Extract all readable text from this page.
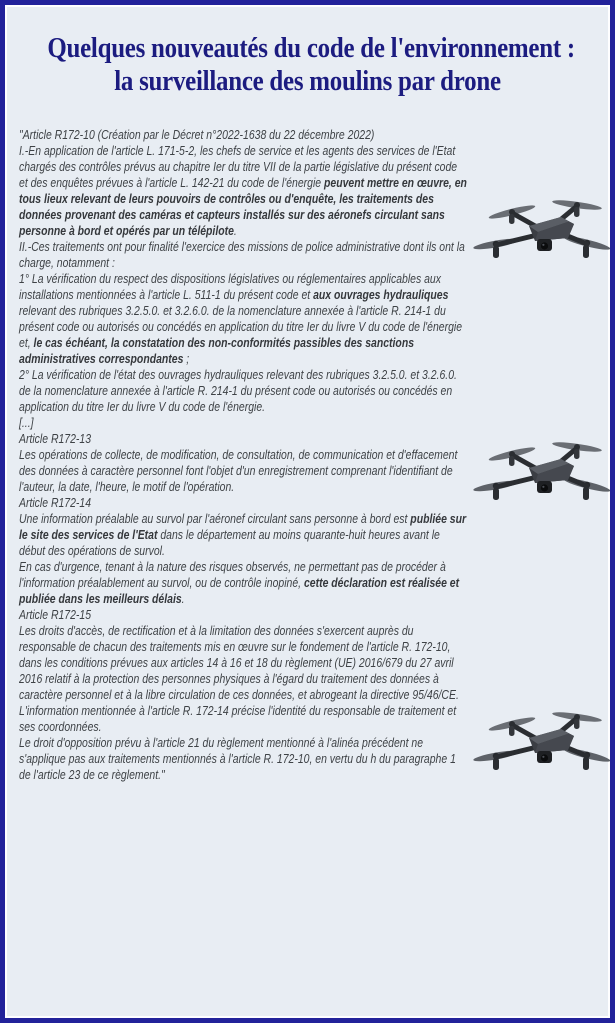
Quelques nouveautés du code de l'environnement :
la surveillance des moulins par drone

"Article R172-10 (Création par le Décret n°2022-1638 du 22 décembre 2022)
I.-En application de l'article L. 171-5-2, les chefs de service et les agents des services de l'Etat chargés des contrôles prévus au chapitre Ier du titre VII de la partie législative du présent code et des enquêtes prévues à l'article L. 142-21 du code de l'énergie peuvent mettre en œuvre, en tous lieux relevant de leurs pouvoirs de contrôles ou d'enquête, les traitements des données provenant des caméras et capteurs installés sur des aéronefs circulant sans personne à bord et opérés par un télépilote.

II.-Ces traitements ont pour finalité l'exercice des missions de police administrative dont ils ont la charge, notamment :

1° La vérification du respect des dispositions législatives ou réglementaires applicables aux installations mentionnées à l'article L. 511-1 du présent code et aux ouvrages hydrauliques relevant des rubriques 3.2.5.0. et 3.2.6.0. de la nomenclature annexée à l'article R. 214-1 du présent code ou autorisés ou concédés en application du titre Ier du livre V du code de l'énergie et, le cas échéant, la constatation des non-conformités passibles des sanctions administratives correspondantes ;

2° La vérification de l'état des ouvrages hydrauliques relevant des rubriques 3.2.5.0. et 3.2.6.0. de la nomenclature annexée à l'article R. 214-1 du présent code ou autorisés ou concédés en application du titre Ier du livre V du code de l'énergie.

[...]

Article R172-13

Les opérations de collecte, de modification, de consultation, de communication et d'effacement des données à caractère personnel font l'objet d'un enregistrement comprenant l'identifiant de l'auteur, la date, l'heure, le motif de l'opération.

Article R172-14

Une information préalable au survol par l'aéronef circulant sans personne à bord est publiée sur le site des services de l'Etat dans le département au moins quarante-huit heures avant le début des opérations de survol.

En cas d'urgence, tenant à la nature des risques observés, ne permettant pas de procéder à l'information préalablement au survol, ou de contrôle inopiné, cette déclaration est réalisée et publiée dans les meilleurs délais.

Article R172-15

Les droits d'accès, de rectification et à la limitation des données s'exercent auprès du responsable de chacun des traitements mis en œuvre sur le fondement de l'article R. 172-10, dans les conditions prévues aux articles 14 à 16 et 18 du règlement (UE) 2016/679 du 27 avril 2016 relatif à la protection des personnes physiques à l'égard du traitement des données à caractère personnel et à la libre circulation de ces données, et abrogeant la directive 95/46/CE. L'information mentionnée à l'article R. 172-14 précise l'identité du responsable de traitement et ses coordonnées.

Le droit d'opposition prévu à l'article 21 du règlement mentionné à l'alinéa précédent ne s'applique pas aux traitements mentionnés à l'article R. 172-10, en vertu du h du paragraphe 1 de l'article 23 de ce règlement."
